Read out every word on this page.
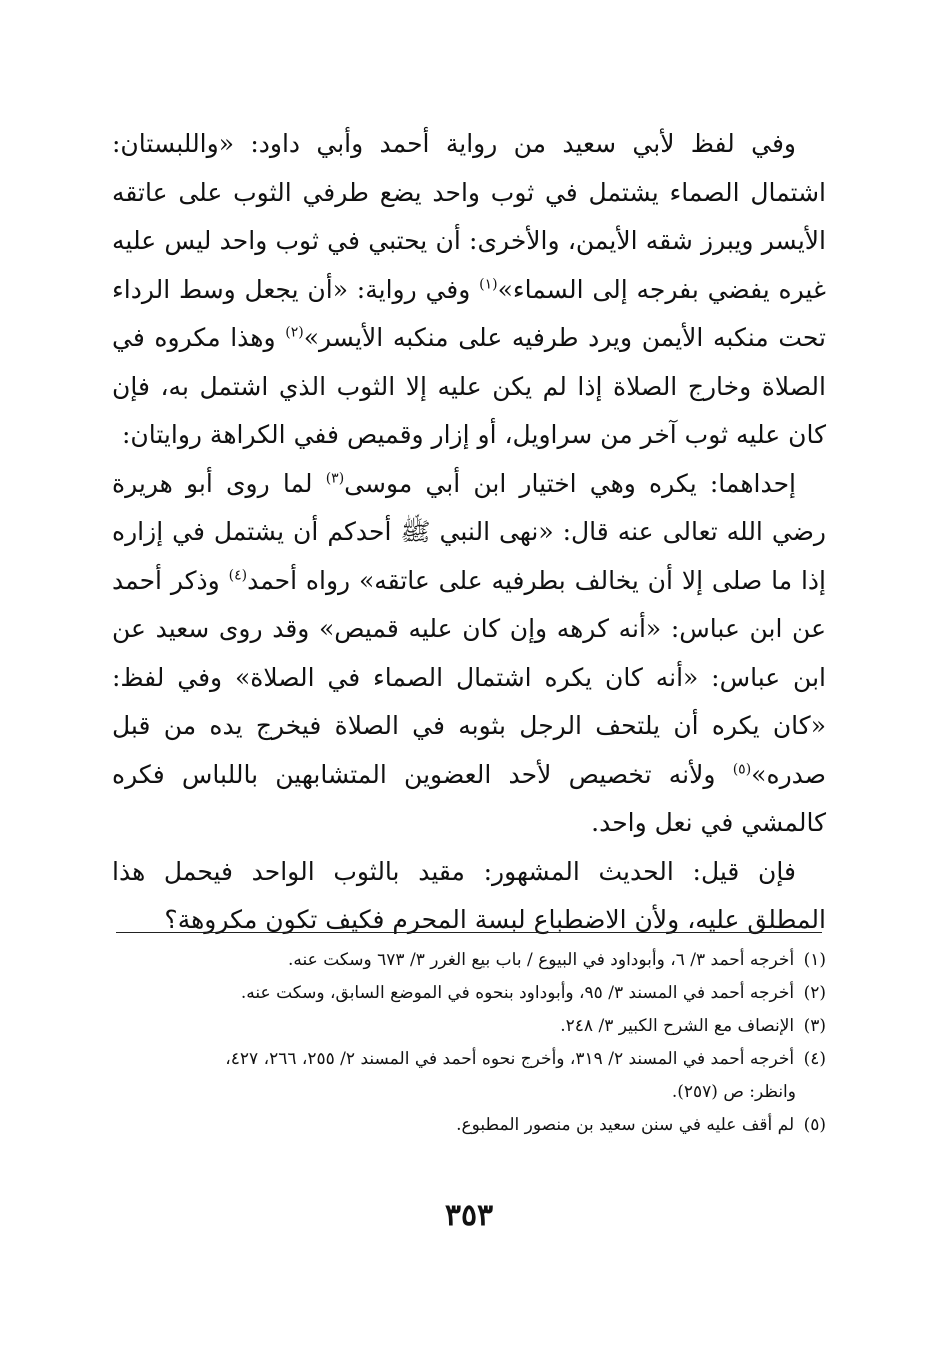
وفي لفظ لأبي سعيد من رواية أحمد وأبي داود: «واللبستان: اشتمال الصماء يشتمل في ثوب واحد يضع طرفي الثوب على عاتقه الأيسر ويبرز شقه الأيمن، والأخرى: أن يحتبي في ثوب واحد ليس عليه غيره يفضي بفرجه إلى السماء»$^{(١)}$ وفي رواية: «أن يجعل وسط الرداء تحت منكبه الأيمن ويرد طرفيه على منكبه الأيسر»$^{(٢)}$ وهذا مكروه في الصلاة وخارج الصلاة إذا لم يكن عليه إلا الثوب الذي اشتمل به، فإن كان عليه ثوب آخر من سراويل، أو إزار وقميص ففي الكراهة روايتان:

إحداهما: يكره وهي اختيار ابن أبي موسى$^{(٣)}$ لما روى أبو هريرة رضي الله تعالى عنه قال: «نهى النبي ﷺ أحدكم أن يشتمل في إزاره إذا ما صلى إلا أن يخالف بطرفيه على عاتقه» رواه أحمد$^{(٤)}$ وذكر أحمد عن ابن عباس: «أنه كرهه وإن كان عليه قميص» وقد روى سعيد عن ابن عباس: «أنه كان يكره اشتمال الصماء في الصلاة» وفي لفظ: «كان يكره أن يلتحف الرجل بثوبه في الصلاة فيخرج يده من قبل صدره»$^{(٥)}$ ولأنه تخصيص لأحد العضوين المتشابهين باللباس فكره كالمشي في نعل واحد.

فإن قيل: الحديث المشهور: مقيد بالثوب الواحد فيحمل هذا المطلق عليه، ولأن الاضطباع لبسة المحرم فكيف تكون مكروهة؟

(١) أخرجه أحمد ٣/ ٦، وأبوداود في البيوع / باب بيع الغرر ٣/ ٦٧٣ وسكت عنه.

(٢) أخرجه أحمد في المسند ٣/ ٩٥، وأبوداود بنحوه في الموضع السابق، وسكت عنه.

(٣) الإنصاف مع الشرح الكبير ٣/ ٢٤٨.

(٤) أخرجه أحمد في المسند ٢/ ٣١٩، وأخرج نحوه أحمد في المسند ٢/ ٢٥٥، ٢٦٦، ٤٢٧،

وانظر: ص (٢٥٧).

(٥) لم أقف عليه في سنن سعيد بن منصور المطبوع.

٣٥٣
